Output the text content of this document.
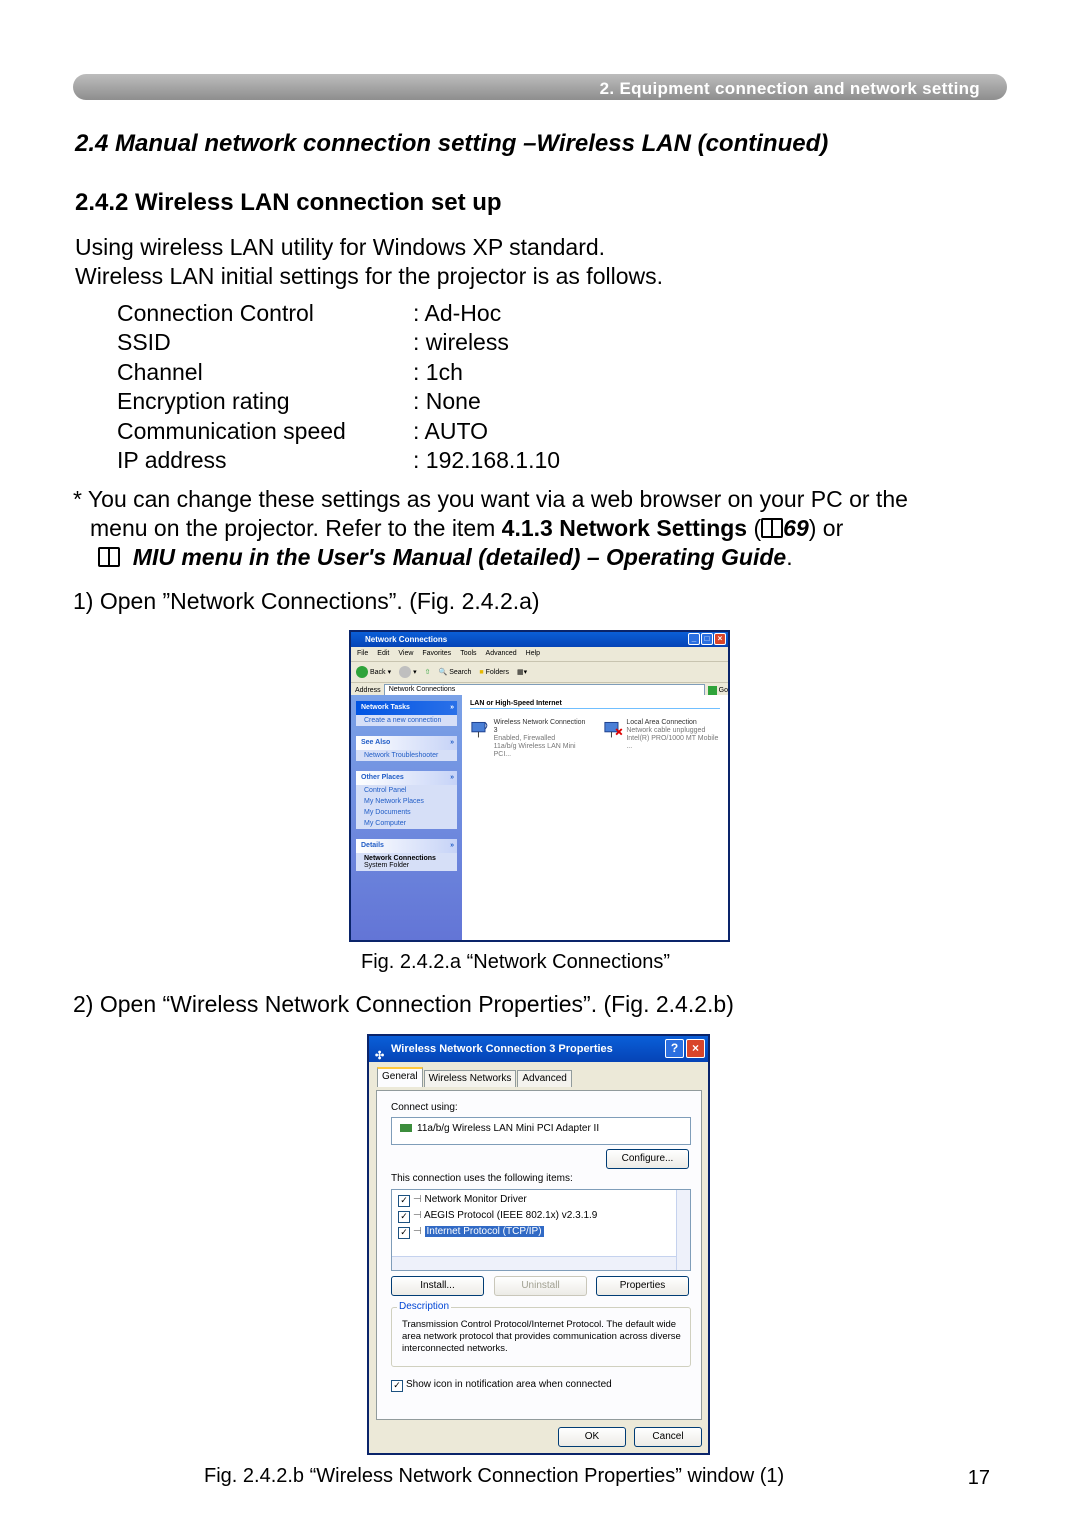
2. Equipment connection and network setting
2.4 Manual network connection setting –Wireless LAN (continued)
2.4.2 Wireless LAN connection set up
Using wireless LAN utility for Windows XP standard.
Wireless LAN initial settings for the projector is as follows.
Connection Control	: Ad-Hoc
SSID	: wireless
Channel	: 1ch
Encryption rating	: None
Communication speed	: AUTO
IP address	: 192.168.1.10
* You can change these settings as you want via a web browser on your PC or the
menu on the projector. Refer to the item 4.1.3 Network Settings ( 69) or
MIU menu in the User's Manual (detailed) – Operating Guide.
1) Open ”Network Connections”. (Fig. 2.4.2.a)
Network Connections	_	□	×
File Edit View Favorites Tools Advanced Help
Back ▾	▾ ⇧ 🔍 Search ■ Folders ▦▾
Address	Network Connections	Go
Network Tasks »
Create a new connection
See Also »
Network Troubleshooter
Other Places »
Control Panel
My Network Places
My Documents
My Computer
Details »
Network Connections
System Folder
LAN or High-Speed Internet
Wireless Network Connection 3
Enabled, Firewalled
11a/b/g Wireless LAN Mini PCI...
Local Area Connection
Network cable unplugged
Intel(R) PRO/1000 MT Mobile ...
Fig. 2.4.2.a “Network Connections”
2) Open “Wireless Network Connection Properties”. (Fig. 2.4.2.b)
✣
Wireless Network Connection 3 Properties	?	×
General	Wireless Networks	Advanced
Connect using:
11a/b/g Wireless LAN Mini PCI Adapter II
Configure...
This connection uses the following items:
✓ ⊣ Network Monitor Driver
✓ ⊣ AEGIS Protocol (IEEE 802.1x) v2.3.1.9
✓ ⊣ Internet Protocol (TCP/IP)
Install...	Uninstall	Properties
Description
Transmission Control Protocol/Internet Protocol. The default wide area network protocol that provides communication across diverse interconnected networks.
✓ Show icon in notification area when connected
OK	Cancel
Fig. 2.4.2.b “Wireless Network Connection Properties” window (1)	17
